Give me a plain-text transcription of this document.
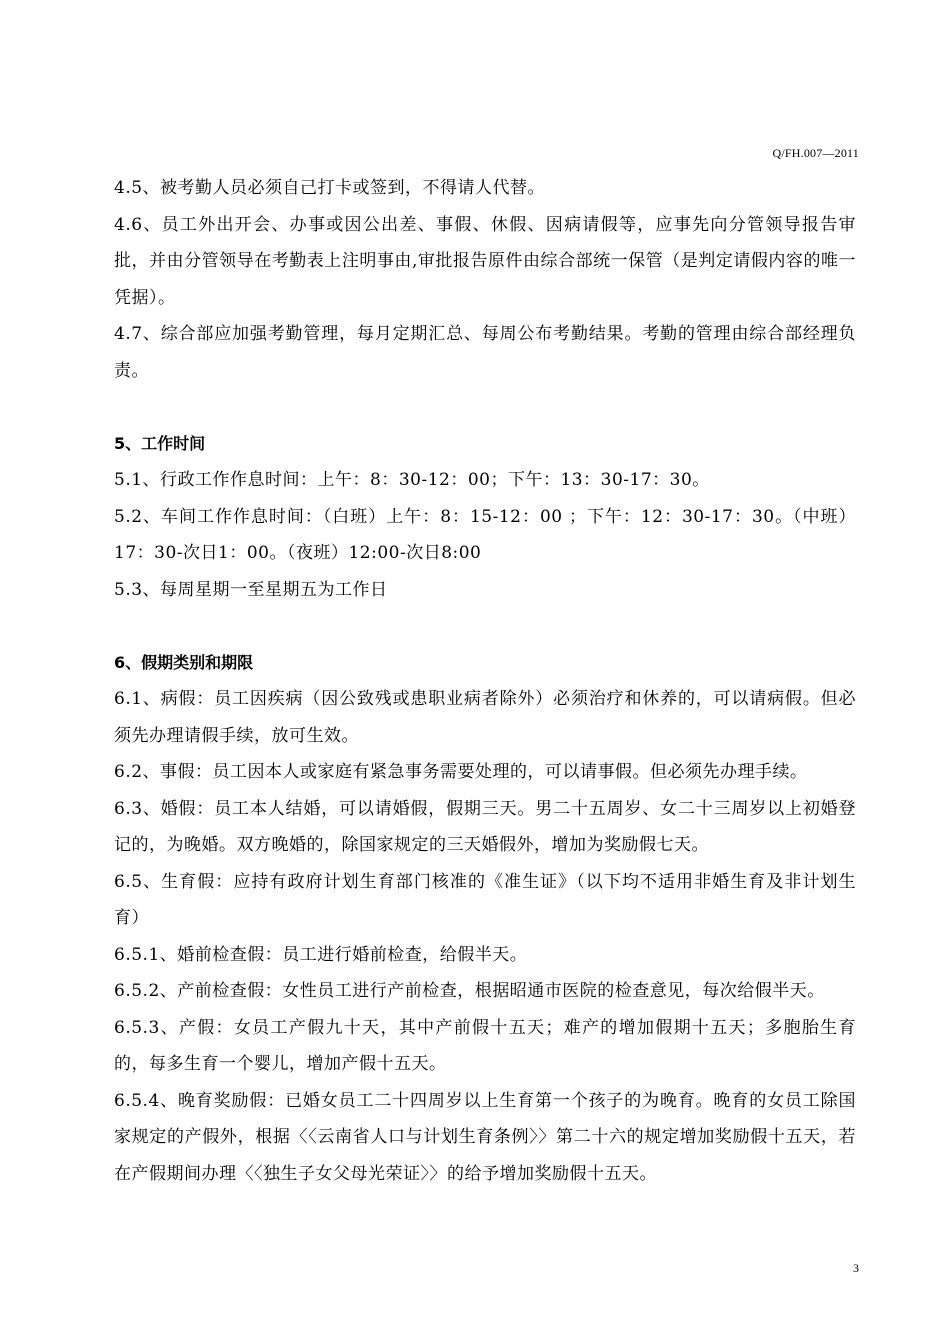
Q/FH.007—2011

4.5、被考勤人员必须自己打卡或签到，不得请人代替。

4.6、员工外出开会、办事或因公出差、事假、休假、因病请假等，应事先向分管领导报告审批，并由分管领导在考勤表上注明事由,审批报告原件由综合部统一保管（是判定请假内容的唯一凭据）。

4.7、综合部应加强考勤管理，每月定期汇总、每周公布考勤结果。考勤的管理由综合部经理负责。

5、工作时间

5.1、行政工作作息时间：上午：8：30-12：00；下午：13：30-17：30。

5.2、车间工作作息时间：（白班）上午：8：15-12：00 ；下午：12：30-17：30。（中班）17：30-次日1：00。（夜班）12:00-次日8:00

5.3、每周星期一至星期五为工作日

6、假期类别和期限

6.1、病假：员工因疾病（因公致残或患职业病者除外）必须治疗和休养的，可以请病假。但必须先办理请假手续，放可生效。

6.2、事假：员工因本人或家庭有紧急事务需要处理的，可以请事假。但必须先办理手续。

6.3、婚假：员工本人结婚，可以请婚假，假期三天。男二十五周岁、女二十三周岁以上初婚登记的，为晚婚。双方晚婚的，除国家规定的三天婚假外，增加为奖励假七天。

6.5、生育假：应持有政府计划生育部门核准的《准生证》（以下均不适用非婚生育及非计划生育）

6.5.1、婚前检查假：员工进行婚前检查，给假半天。

6.5.2、产前检查假：女性员工进行产前检查，根据昭通市医院的检查意见，每次给假半天。

6.5.3、产假：女员工产假九十天，其中产前假十五天；难产的增加假期十五天；多胞胎生育的，每多生育一个婴儿，增加产假十五天。

6.5.4、晚育奖励假：已婚女员工二十四周岁以上生育第一个孩子的为晚育。晚育的女员工除国家规定的产假外，根据〈〈云南省人口与计划生育条例〉〉第二十六的规定增加奖励假十五天，若在产假期间办理〈〈独生子女父母光荣证〉〉的给予增加奖励假十五天。

3
